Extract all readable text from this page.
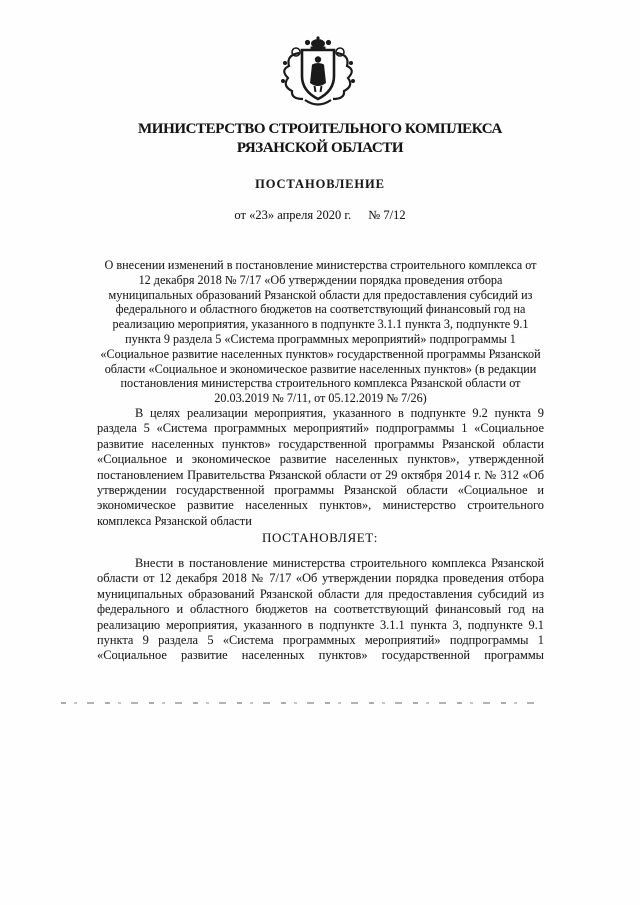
МИНИСТЕРСТВО СТРОИТЕЛЬНОГО КОМПЛЕКСА
РЯЗАНСКОЙ ОБЛАСТИ
ПОСТАНОВЛЕНИЕ
от «23» апреля 2020 г. № 7/12
О внесении изменений в постановление министерства строительного комплекса от 12 декабря 2018 № 7/17 «Об утверждении порядка проведения отбора муниципальных образований Рязанской области для предоставления субсидий из федерального и областного бюджетов на соответствующий финансовый год на реализацию мероприятия, указанного в подпункте 3.1.1 пункта 3, подпункте 9.1 пункта 9 раздела 5 «Система программных мероприятий» подпрограммы 1 «Социальное развитие населенных пунктов» государственной программы Рязанской области «Социальное и экономическое развитие населенных пунктов» (в редакции постановления министерства строительного комплекса Рязанской области от 20.03.2019 № 7/11, от 05.12.2019 № 7/26)
В целях реализации мероприятия, указанного в подпункте 9.2 пункта 9 раздела 5 «Система программных мероприятий» подпрограммы 1 «Социальное развитие населенных пунктов» государственной программы Рязанской области «Социальное и экономическое развитие населенных пунктов», утвержденной постановлением Правительства Рязанской области от 29 октября 2014 г. № 312 «Об утверждении государственной программы Рязанской области «Социальное и экономическое развитие населенных пунктов», министерство строительного комплекса Рязанской области
ПОСТАНОВЛЯЕТ:
Внести в постановление министерства строительного комплекса Рязанской области от 12 декабря 2018 № 7/17 «Об утверждении порядка проведения отбора муниципальных образований Рязанской области для предоставления субсидий из федерального и областного бюджетов на соответствующий финансовый год на реализацию мероприятия, указанного в подпункте 3.1.1 пункта 3, подпункте 9.1 пункта 9 раздела 5 «Система программных мероприятий» подпрограммы 1 «Социальное развитие населенных пунктов» государственной программы
